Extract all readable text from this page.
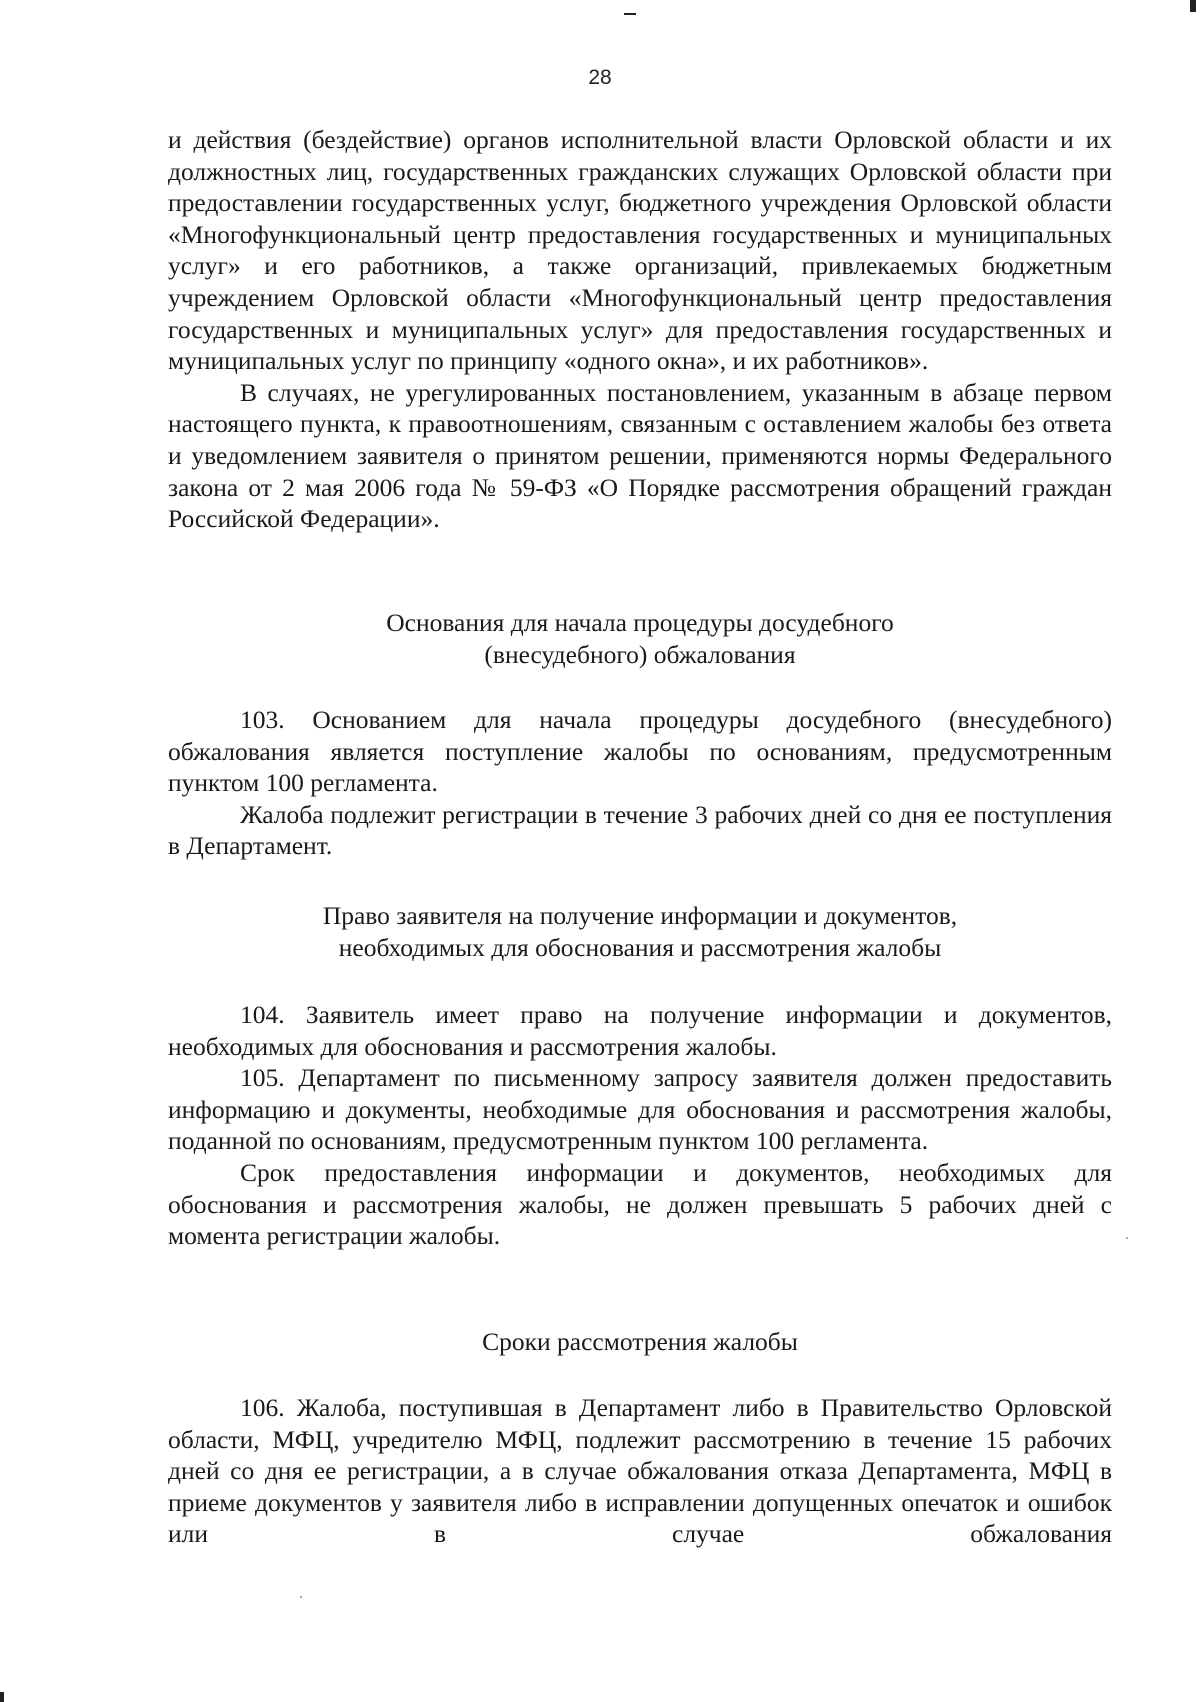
28

и действия (бездействие) органов исполнительной власти Орловской области и их должностных лиц, государственных гражданских служащих Орловской области при предоставлении государственных услуг, бюджетного учреждения Орловской области «Многофункциональный центр предоставления государственных и муниципальных услуг» и его работников, а также организаций, привлекаемых бюджетным учреждением Орловской области «Многофункциональный центр предоставления государственных и муниципальных услуг» для предоставления государственных и муниципальных услуг по принципу «одного окна», и их работников».

В случаях, не урегулированных постановлением, указанным в абзаце первом настоящего пункта, к правоотношениям, связанным с оставлением жалобы без ответа и уведомлением заявителя о принятом решении, применяются нормы Федерального закона от 2 мая 2006 года № 59-ФЗ «О Порядке рассмотрения обращений граждан Российской Федерации».

Основания для начала процедуры досудебного
(внесудебного) обжалования

103. Основанием для начала процедуры досудебного (внесудебного) обжалования является поступление жалобы по основаниям, предусмотренным пунктом 100 регламента.

Жалоба подлежит регистрации в течение 3 рабочих дней со дня ее поступления в Департамент.

Право заявителя на получение информации и документов,
необходимых для обоснования и рассмотрения жалобы

104. Заявитель имеет право на получение информации и документов, необходимых для обоснования и рассмотрения жалобы.

105. Департамент по письменному запросу заявителя должен предоставить информацию и документы, необходимые для обоснования и рассмотрения жалобы, поданной по основаниям, предусмотренным пунктом 100 регламента.

Срок предоставления информации и документов, необходимых для обоснования и рассмотрения жалобы, не должен превышать 5 рабочих дней с момента регистрации жалобы.

Сроки рассмотрения жалобы

106. Жалоба, поступившая в Департамент либо в Правительство Орловской области, МФЦ, учредителю МФЦ, подлежит рассмотрению в течение 15 рабочих дней со дня ее регистрации, а в случае обжалования отказа Департамента, МФЦ в приеме документов у заявителя либо в исправлении допущенных опечаток и ошибок или в случае обжалования
